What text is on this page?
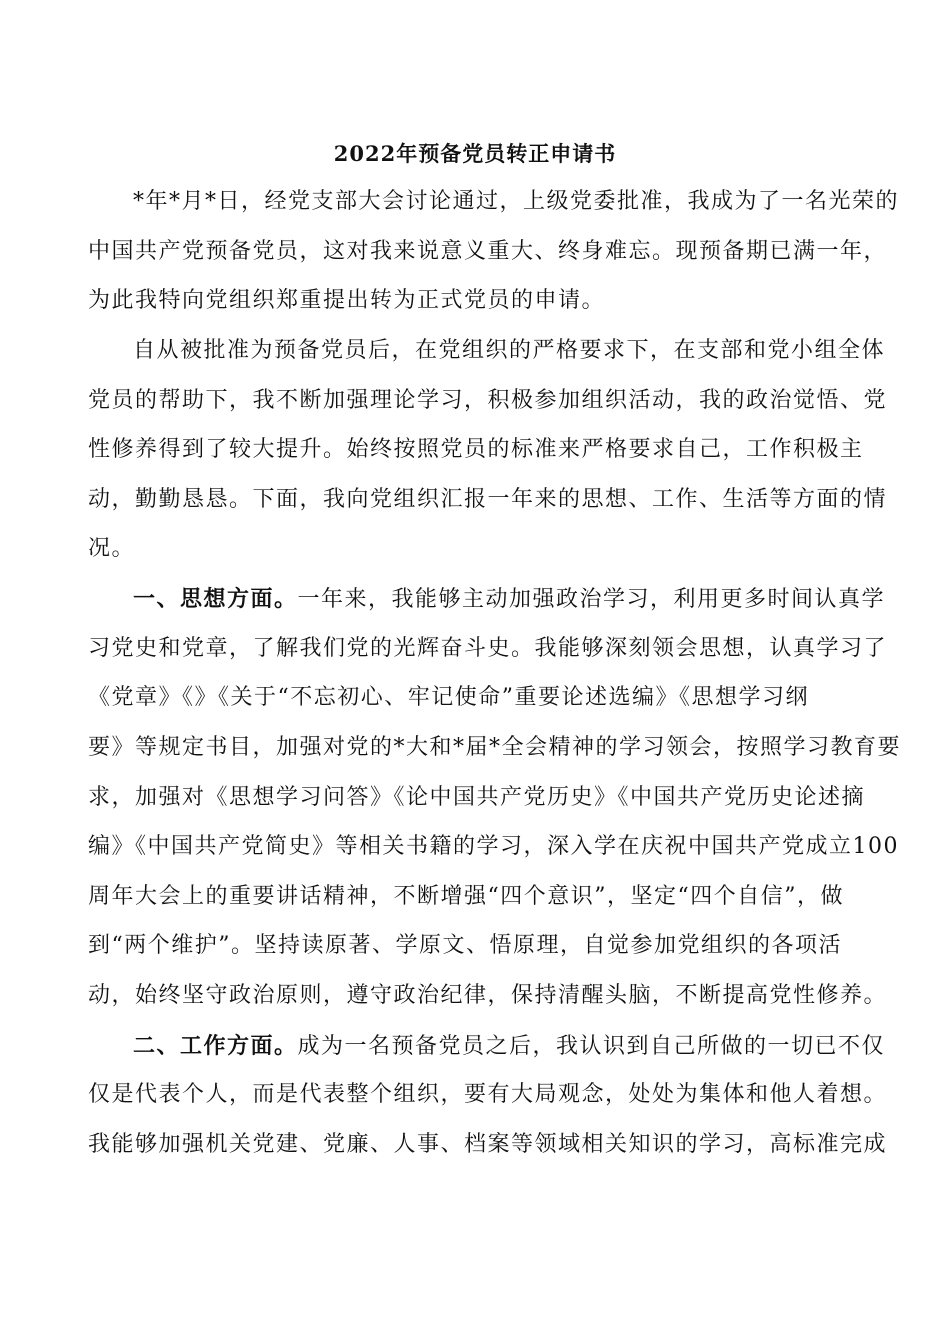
2022年预备党员转正申请书
*年*月*日，经党支部大会讨论通过，上级党委批准，我成为了一名光荣的
中国共产党预备党员，这对我来说意义重大、终身难忘。现预备期已满一年，
为此我特向党组织郑重提出转为正式党员的申请。
自从被批准为预备党员后，在党组织的严格要求下，在支部和党小组全体
党员的帮助下，我不断加强理论学习，积极参加组织活动，我的政治觉悟、党
性修养得到了较大提升。始终按照党员的标准来严格要求自己，工作积极主
动，勤勤恳恳。下面，我向党组织汇报一年来的思想、工作、生活等方面的情
况。
一、思想方面。一年来，我能够主动加强政治学习，利用更多时间认真学
习党史和党章，了解我们党的光辉奋斗史。我能够深刻领会思想，认真学习了
《党章》《》《关于“不忘初心、牢记使命”重要论述选编》《思想学习纲
要》等规定书目，加强对党的*大和*届*全会精神的学习领会，按照学习教育要
求，加强对《思想学习问答》《论中国共产党历史》《中国共产党历史论述摘
编》《中国共产党简史》等相关书籍的学习，深入学在庆祝中国共产党成立100
周年大会上的重要讲话精神，不断增强“四个意识”，坚定“四个自信”，做
到“两个维护”。坚持读原著、学原文、悟原理，自觉参加党组织的各项活
动，始终坚守政治原则，遵守政治纪律，保持清醒头脑，不断提高党性修养。
二、工作方面。成为一名预备党员之后，我认识到自己所做的一切已不仅
仅是代表个人，而是代表整个组织，要有大局观念，处处为集体和他人着想。
我能够加强机关党建、党廉、人事、档案等领域相关知识的学习，高标准完成
